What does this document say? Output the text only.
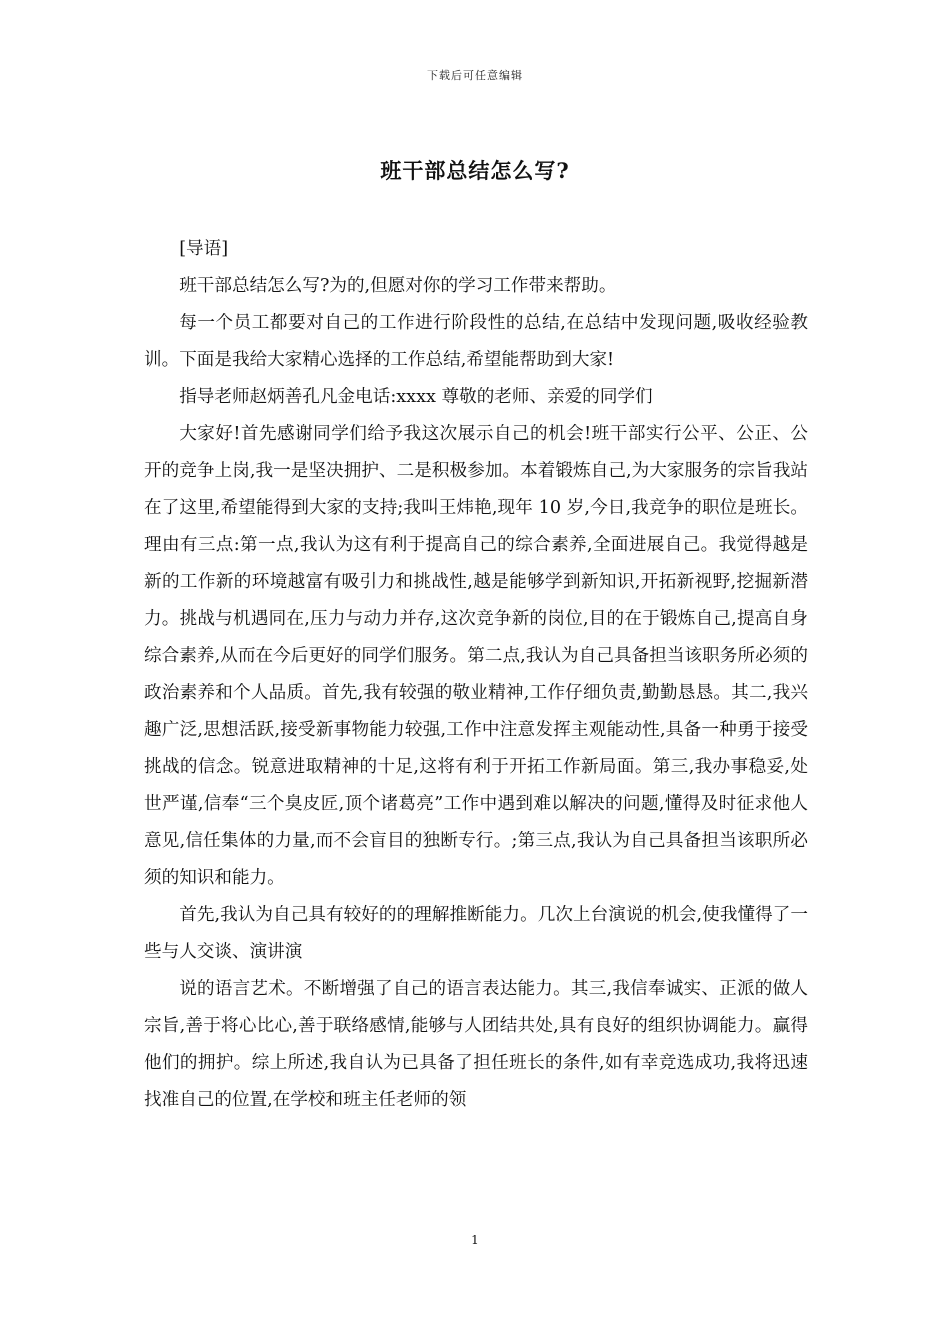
下载后可任意编辑
班干部总结怎么写?

[导语]

班干部总结怎么写?为的,但愿对你的学习工作带来帮助。

每一个员工都要对自己的工作进行阶段性的总结,在总结中发现问题,吸收经验教训。下面是我给大家精心选择的工作总结,希望能帮助到大家!

指导老师赵炳善孔凡金电话:xxxx 尊敬的老师、亲爱的同学们

大家好!首先感谢同学们给予我这次展示自己的机会!班干部实行公平、公正、公开的竞争上岗,我一是坚决拥护、二是积极参加。本着锻炼自己,为大家服务的宗旨我站在了这里,希望能得到大家的支持;我叫王炜艳,现年 10 岁,今日,我竞争的职位是班长。理由有三点:第一点,我认为这有利于提高自己的综合素养,全面进展自己。我觉得越是新的工作新的环境越富有吸引力和挑战性,越是能够学到新知识,开拓新视野,挖掘新潜力。挑战与机遇同在,压力与动力并存,这次竞争新的岗位,目的在于锻炼自己,提高自身综合素养,从而在今后更好的同学们服务。第二点,我认为自己具备担当该职务所必须的政治素养和个人品质。首先,我有较强的敬业精神,工作仔细负责,勤勤恳恳。其二,我兴趣广泛,思想活跃,接受新事物能力较强,工作中注意发挥主观能动性,具备一种勇于接受挑战的信念。锐意进取精神的十足,这将有利于开拓工作新局面。第三,我办事稳妥,处世严谨,信奉“三个臭皮匠,顶个诸葛亮”工作中遇到难以解决的问题,懂得及时征求他人意见,信任集体的力量,而不会盲目的独断专行。;第三点,我认为自己具备担当该职所必须的知识和能力。

首先,我认为自己具有较好的的理解推断能力。几次上台演说的机会,使我懂得了一些与人交谈、演讲演

说的语言艺术。不断增强了自己的语言表达能力。其三,我信奉诚实、正派的做人宗旨,善于将心比心,善于联络感情,能够与人团结共处,具有良好的组织协调能力。赢得他们的拥护。综上所述,我自认为已具备了担任班长的条件,如有幸竞选成功,我将迅速找准自己的位置,在学校和班主任老师的领

1
